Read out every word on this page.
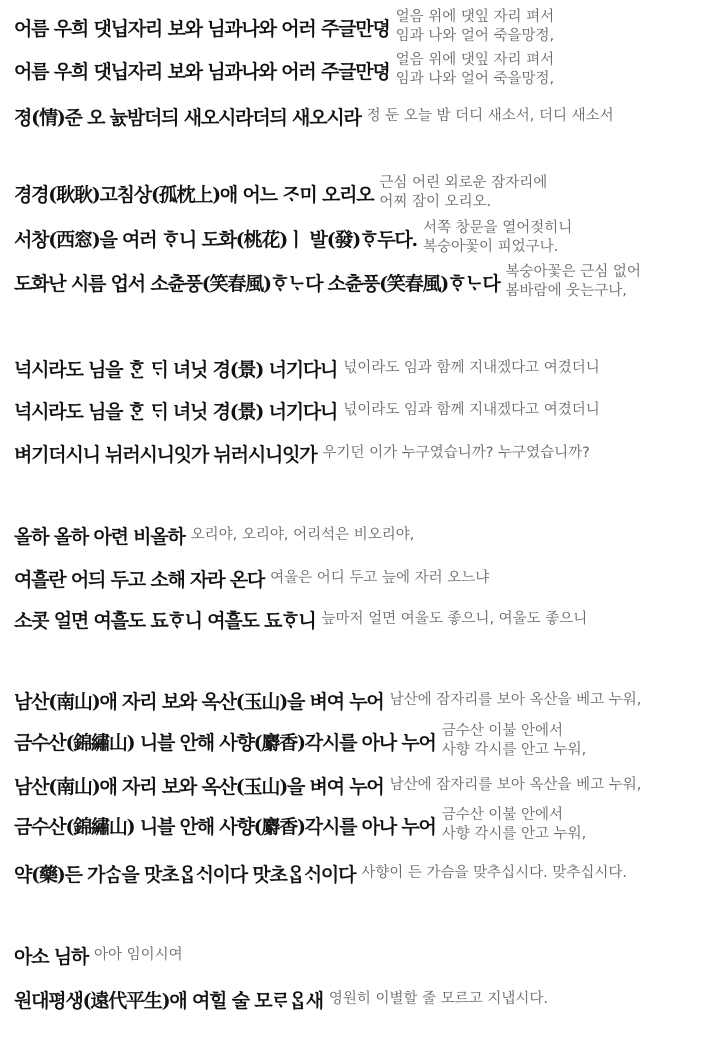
어름 우희 댓닙자리 보와 님과나와 어러 주글만뎡
얼음 위에 댓잎 자리 펴서
임과 나와 얼어 죽을망정,
어름 우희 댓닙자리 보와 님과나와 어러 주글만뎡
얼음 위에 댓잎 자리 펴서
임과 나와 얼어 죽을망정,
졍(情)준 오 늀밤더듸 새오시라더듸 새오시라 정 둔 오늘 밤 더디 새소서, 더디 새소서
경경(耿耿)고침상(孤枕上)애 어느 ᄌᆞ미 오리오
근심 어린 외로운 잠자리에
어찌 잠이 오리오.
서창(西窓)을 여러 ᄒᆞ니 도화(桃花)ㅣ 발(發)ᄒᆞ두다.
서쪽 창문을 열어젖히니
복숭아꽃이 피었구나.
도화난 시름 업서 소츈풍(笑春風)ᄒᆞᄂᆞ다 소츈풍(笑春風)ᄒᆞᄂᆞ다
복숭아꽃은 근심 없어
봄바람에 웃는구나,
넉시라도 님을 ᄒᆞᆫ ᄃᆡ 녀닛 경(景) 너기다니 넋이라도 임과 함께 지내겠다고 여겼더니
넉시라도 님을 ᄒᆞᆫ ᄃᆡ 녀닛 경(景) 너기다니 넋이라도 임과 함께 지내겠다고 여겼더니
벼기더시니 뉘러시니잇가 뉘러시니잇가 우기던 이가 누구였습니까? 누구였습니까?
올하 올하 아련 비올하 오리야, 오리야, 어리석은 비오리야,
여흘란 어듸 두고 소해 자라 온다 여울은 어디 두고 늪에 자러 오느냐
소콧 얼면 여흘도 됴ᄒᆞ니 여흘도 됴ᄒᆞ니 늪마저 얼면 여울도 좋으니, 여울도 좋으니
남산(南山)애 자리 보와 옥산(玉山)을 벼여 누어 남산에 잠자리를 보아 옥산을 베고 누워,
금수산(錦繡山) 니블 안해 사향(麝香)각시를 아나 누어
금수산 이불 안에서
사향 각시를 안고 누워,
남산(南山)애 자리 보와 옥산(玉山)을 벼여 누어 남산에 잠자리를 보아 옥산을 베고 누워,
금수산(錦繡山) 니블 안해 사향(麝香)각시를 아나 누어
금수산 이불 안에서
사향 각시를 안고 누워,
약(藥)든 가ᄉᆞᆷ을 맛초ᄋᆞᆸᄉᆡ이다 맛초ᄋᆞᆸᄉᆡ이다 사향이 든 가슴을 맞추십시다. 맞추십시다.
아소 님하 아아 임이시여
원대평생(遠代平生)애 여힐 술 모ᄅᆞᄋᆞᆸ새 영원히 이별할 줄 모르고 지냅시다.
